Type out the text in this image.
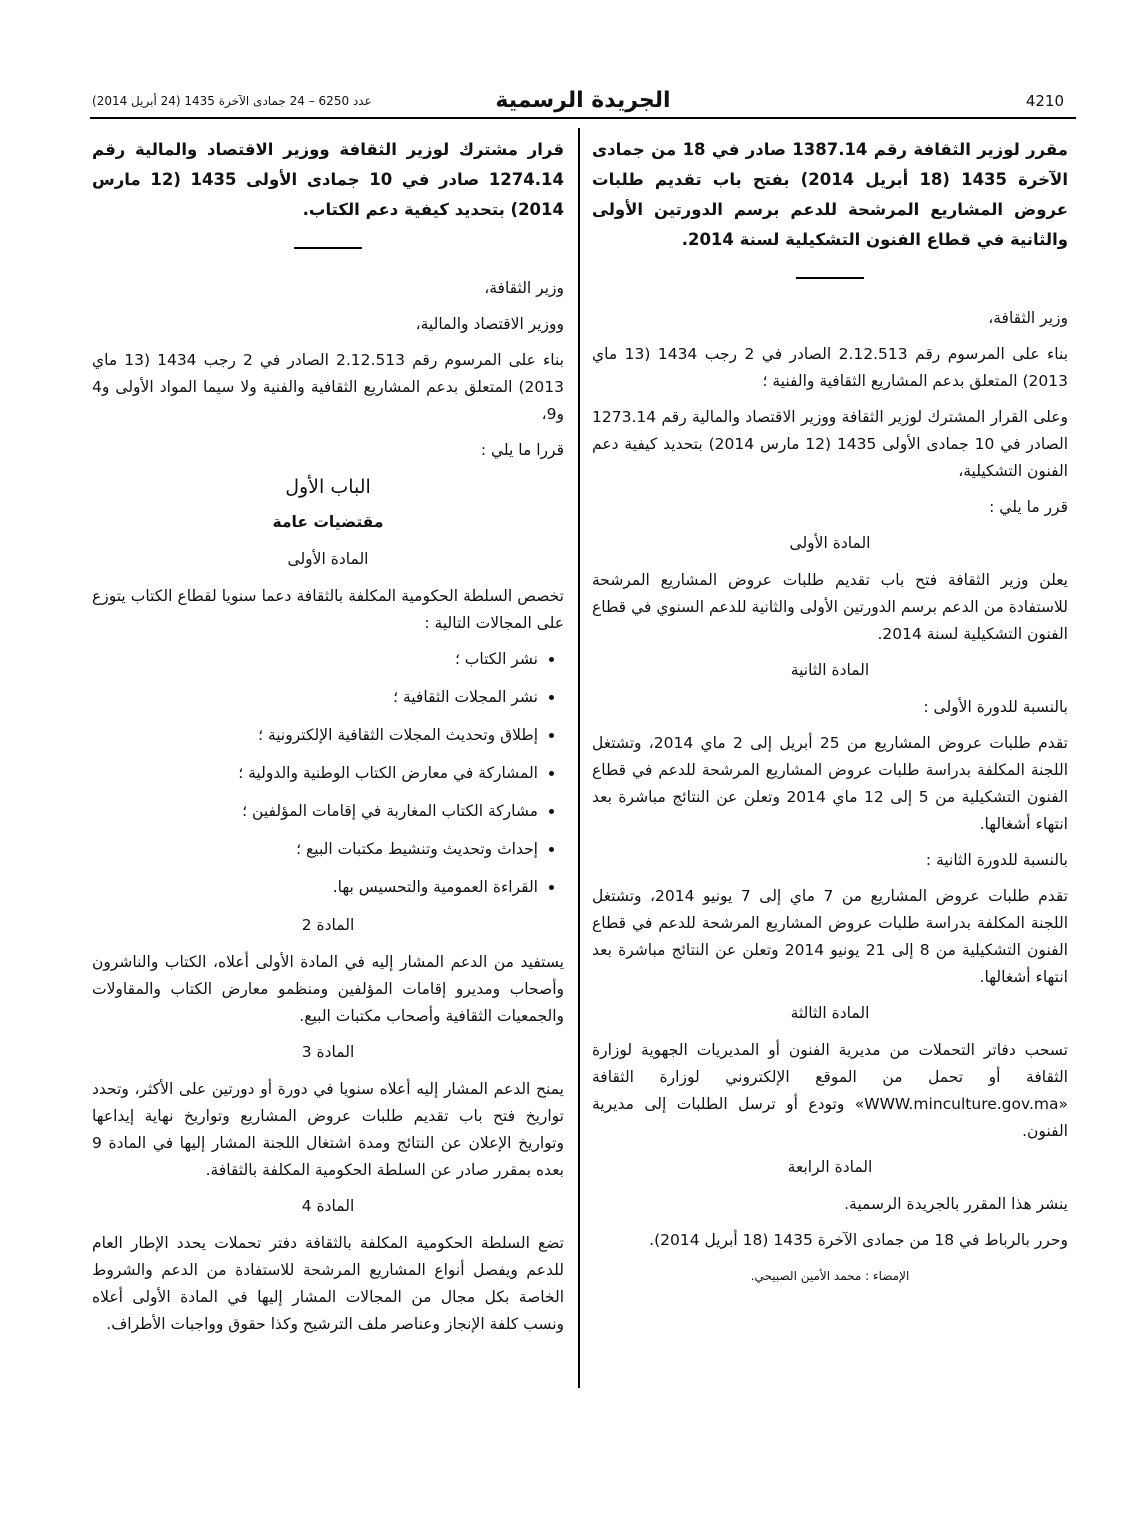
4210
الجريدة الرسمية
عدد 6250 – 24 جمادى الآخرة 1435 (24 أبريل 2014)

مقرر لوزير الثقافة رقم 1387.14 صادر في 18 من جمادى الآخرة 1435 (18 أبريل 2014) بفتح باب تقديم طلبات عروض المشاريع المرشحة للدعم برسم الدورتين الأولى والثانية في قطاع الفنون التشكيلية لسنة 2014.

وزير الثقافة،

بناء على المرسوم رقم 2.12.513 الصادر في 2 رجب 1434 (13 ماي 2013) المتعلق بدعم المشاريع الثقافية والفنية ؛

وعلى القرار المشترك لوزير الثقافة ووزير الاقتصاد والمالية رقم 1273.14 الصادر في 10 جمادى الأولى 1435 (12 مارس 2014) بتحديد كيفية دعم الفنون التشكيلية،

قرر ما يلي :

المادة الأولى

يعلن وزير الثقافة فتح باب تقديم طلبات عروض المشاريع المرشحة للاستفادة من الدعم برسم الدورتين الأولى والثانية للدعم السنوي في قطاع الفنون التشكيلية لسنة 2014.

المادة الثانية

بالنسبة للدورة الأولى :

تقدم طلبات عروض المشاريع من 25 أبريل إلى 2 ماي 2014، وتشتغل اللجنة المكلفة بدراسة طلبات عروض المشاريع المرشحة للدعم في قطاع الفنون التشكيلية من 5 إلى 12 ماي 2014 وتعلن عن النتائج مباشرة بعد انتهاء أشغالها.

بالنسبة للدورة الثانية :

تقدم طلبات عروض المشاريع من 7 ماي إلى 7 يونيو 2014، وتشتغل اللجنة المكلفة بدراسة طلبات عروض المشاريع المرشحة للدعم في قطاع الفنون التشكيلية من 8 إلى 21 يونيو 2014 وتعلن عن النتائج مباشرة بعد انتهاء أشغالها.

المادة الثالثة

تسحب دفاتر التحملات من مديرية الفنون أو المديريات الجهوية لوزارة الثقافة أو تحمل من الموقع الإلكتروني لوزارة الثقافة «WWW.minculture.gov.ma» وتودع أو ترسل الطلبات إلى مديرية الفنون.

المادة الرابعة

ينشر هذا المقرر بالجريدة الرسمية.

وحرر بالرباط في 18 من جمادى الآخرة 1435 (18 أبريل 2014).

الإمضاء : محمد الأمين الصبيحي.

قرار مشترك لوزير الثقافة ووزير الاقتصاد والمالية رقم 1274.14 صادر في 10 جمادى الأولى 1435 (12 مارس 2014) بتحديد كيفية دعم الكتاب.

وزير الثقافة،

ووزير الاقتصاد والمالية،

بناء على المرسوم رقم 2.12.513 الصادر في 2 رجب 1434 (13 ماي 2013) المتعلق بدعم المشاريع الثقافية والفنية ولا سيما المواد الأولى و4 و9،

قررا ما يلي :

الباب الأول

مقتضيات عامة

المادة الأولى

تخصص السلطة الحكومية المكلفة بالثقافة دعما سنويا لقطاع الكتاب يتوزع على المجالات التالية :

• نشر الكتاب ؛
• نشر المجلات الثقافية ؛
• إطلاق وتحديث المجلات الثقافية الإلكترونية ؛
• المشاركة في معارض الكتاب الوطنية والدولية ؛
• مشاركة الكتاب المغاربة في إقامات المؤلفين ؛
• إحداث وتحديث وتنشيط مكتبات البيع ؛
• القراءة العمومية والتحسيس بها.

المادة 2

يستفيد من الدعم المشار إليه في المادة الأولى أعلاه، الكتاب والناشرون وأصحاب ومديرو إقامات المؤلفين ومنظمو معارض الكتاب والمقاولات والجمعيات الثقافية وأصحاب مكتبات البيع.

المادة 3

يمنح الدعم المشار إليه أعلاه سنويا في دورة أو دورتين على الأكثر، وتحدد تواريخ فتح باب تقديم طلبات عروض المشاريع وتواريخ نهاية إيداعها وتواريخ الإعلان عن النتائج ومدة اشتغال اللجنة المشار إليها في المادة 9 بعده بمقرر صادر عن السلطة الحكومية المكلفة بالثقافة.

المادة 4

تضع السلطة الحكومية المكلفة بالثقافة دفتر تحملات يحدد الإطار العام للدعم ويفصل أنواع المشاريع المرشحة للاستفادة من الدعم والشروط الخاصة بكل مجال من المجالات المشار إليها في المادة الأولى أعلاه ونسب كلفة الإنجاز وعناصر ملف الترشيح وكذا حقوق وواجبات الأطراف.
